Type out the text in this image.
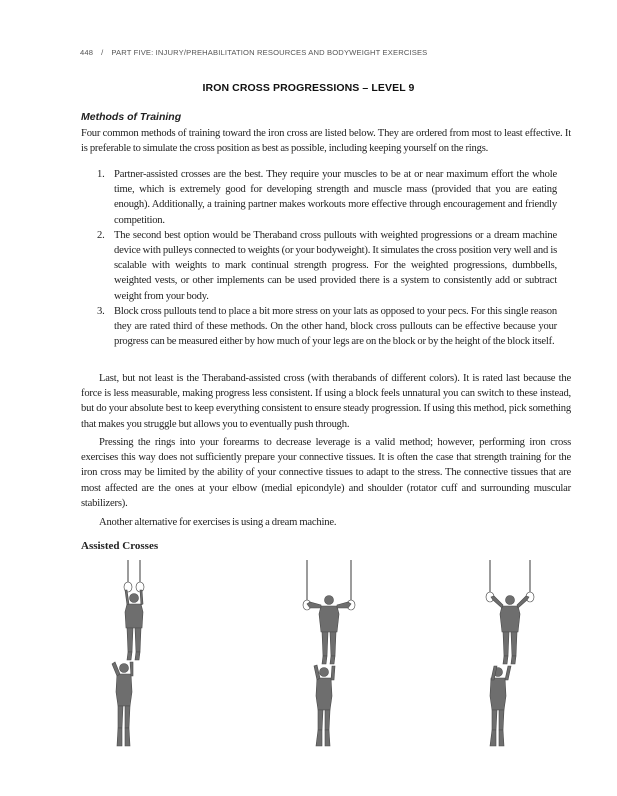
448 / PART FIVE: INJURY/PREHABILITATION RESOURCES AND BODYWEIGHT EXERCISES
IRON CROSS PROGRESSIONS – LEVEL 9
Methods of Training
Four common methods of training toward the iron cross are listed below. They are ordered from most to least effective. It is preferable to simulate the cross position as best as possible, including keeping yourself on the rings.
1. Partner-assisted crosses are the best. They require your muscles to be at or near maximum effort the whole time, which is extremely good for developing strength and muscle mass (provided that you are eating enough). Additionally, a training partner makes workouts more effective through encouragement and friendly competition.
2. The second best option would be Theraband cross pullouts with weighted progressions or a dream machine device with pulleys connected to weights (or your bodyweight). It simulates the cross position very well and is scalable with weights to mark continual strength progress. For the weighted progressions, dumbbells, weighted vests, or other implements can be used provided there is a system to consistently add or subtract weight from your body.
3. Block cross pullouts tend to place a bit more stress on your lats as opposed to your pecs. For this single reason they are rated third of these methods. On the other hand, block cross pullouts can be effective because your progress can be measured either by how much of your legs are on the block or by the height of the block itself.
Last, but not least is the Theraband-assisted cross (with therabands of different colors). It is rated last because the force is less measurable, making progress less consistent. If using a block feels unnatural you can switch to these instead, but do your absolute best to keep everything consistent to ensure steady progression. If using this method, pick something that makes you struggle but allows you to eventually push through.
Pressing the rings into your forearms to decrease leverage is a valid method; however, performing iron cross exercises this way does not sufficiently prepare your connective tissues. It is often the case that strength training for the iron cross may be limited by the ability of your connective tissues to adapt to the stress. The connective tissues that are most affected are the ones at your elbow (medial epicondyle) and shoulder (rotator cuff and surrounding muscular stabilizers).
Another alternative for exercises is using a dream machine.
Assisted Crosses
